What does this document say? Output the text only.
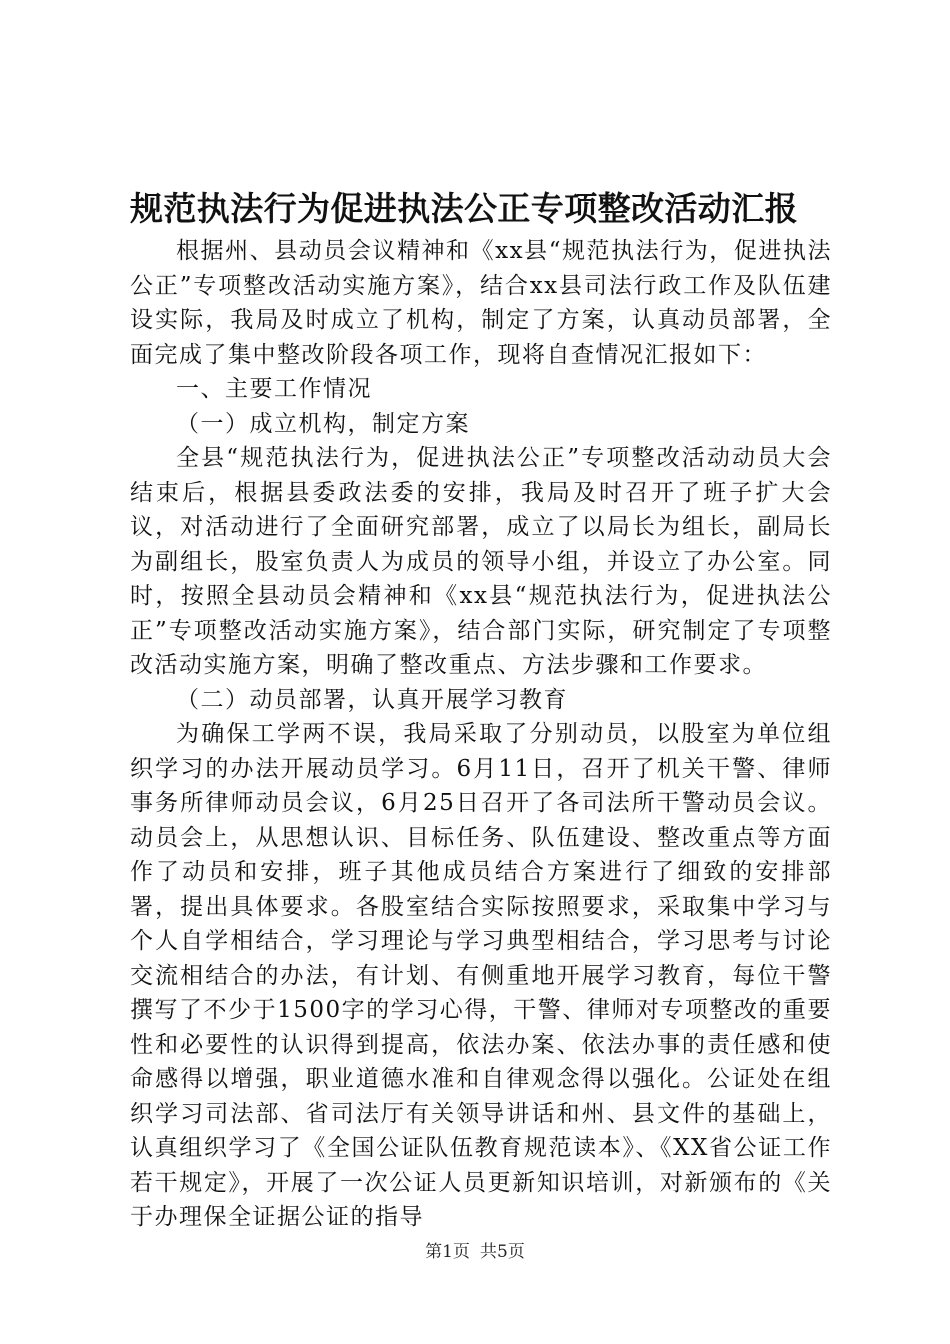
规范执法行为促进执法公正专项整改活动汇报

根据州、县动员会议精神和《xx县“规范执法行为，促进执法公正”专项整改活动实施方案》，结合xx县司法行政工作及队伍建设实际，我局及时成立了机构，制定了方案，认真动员部署，全面完成了集中整改阶段各项工作，现将自查情况汇报如下：

一、主要工作情况

（一）成立机构，制定方案

全县“规范执法行为，促进执法公正”专项整改活动动员大会结束后，根据县委政法委的安排，我局及时召开了班子扩大会议，对活动进行了全面研究部署，成立了以局长为组长，副局长为副组长，股室负责人为成员的领导小组，并设立了办公室。同时，按照全县动员会精神和《xx县“规范执法行为，促进执法公正”专项整改活动实施方案》，结合部门实际，研究制定了专项整改活动实施方案，明确了整改重点、方法步骤和工作要求。

（二）动员部署，认真开展学习教育

为确保工学两不误，我局采取了分别动员，以股室为单位组织学习的办法开展动员学习。6月11日，召开了机关干警、律师事务所律师动员会议，6月25日召开了各司法所干警动员会议。动员会上，从思想认识、目标任务、队伍建设、整改重点等方面作了动员和安排，班子其他成员结合方案进行了细致的安排部署，提出具体要求。各股室结合实际按照要求，采取集中学习与个人自学相结合，学习理论与学习典型相结合，学习思考与讨论交流相结合的办法，有计划、有侧重地开展学习教育，每位干警撰写了不少于1500字的学习心得，干警、律师对专项整改的重要性和必要性的认识得到提高，依法办案、依法办事的责任感和使命感得以增强，职业道德水准和自律观念得以强化。公证处在组织学习司法部、省司法厅有关领导讲话和州、县文件的基础上，认真组织学习了《全国公证队伍教育规范读本》、《XX省公证工作若干规定》，开展了一次公证人员更新知识培训，对新颁布的《关于办理保全证据公证的指导

第1页 共5页
